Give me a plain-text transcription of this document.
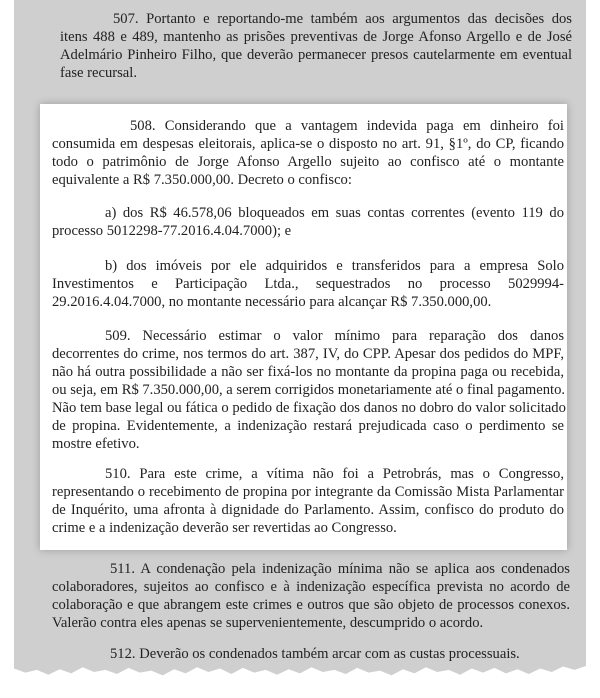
507. Portanto e reportando-me também aos argumentos das decisões dos
itens 488 e 489, mantenho as prisões preventivas de Jorge Afonso Argello e de José
Adelmário Pinheiro Filho, que deverão permanecer presos cautelarmente em eventual
fase recursal.
508. Considerando que a vantagem indevida paga em dinheiro foi
consumida em despesas eleitorais, aplica-se o disposto no art. 91, §1º, do CP, ficando
todo o patrimônio de Jorge Afonso Argello sujeito ao confisco até o montante
equivalente a R$ 7.350.000,00. Decreto o confisco:
a) dos R$ 46.578,06 bloqueados em suas contas correntes (evento 119 do
processo 5012298-77.2016.4.04.7000); e
b) dos imóveis por ele adquiridos e transferidos para a empresa Solo
Investimentos e Participação Ltda., sequestrados no processo 5029994-
29.2016.4.04.7000, no montante necessário para alcançar R$ 7.350.000,00.
509. Necessário estimar o valor mínimo para reparação dos danos
decorrentes do crime, nos termos do art. 387, IV, do CPP. Apesar dos pedidos do MPF,
não há outra possibilidade a não ser fixá-los no montante da propina paga ou recebida,
ou seja, em R$ 7.350.000,00, a serem corrigidos monetariamente até o final pagamento.
Não tem base legal ou fática o pedido de fixação dos danos no dobro do valor solicitado
de propina. Evidentemente, a indenização restará prejudicada caso o perdimento se
mostre efetivo.
510. Para este crime, a vítima não foi a Petrobrás, mas o Congresso,
representando o recebimento de propina por integrante da Comissão Mista Parlamentar
de Inquérito, uma afronta à dignidade do Parlamento. Assim, confisco do produto do
crime e a indenização deverão ser revertidas ao Congresso.
511. A condenação pela indenização mínima não se aplica aos condenados
colaboradores, sujeitos ao confisco e à indenização específica prevista no acordo de
colaboração e que abrangem este crimes e outros que são objeto de processos conexos.
Valerão contra eles apenas se supervenientemente, descumprido o acordo.
512. Deverão os condenados também arcar com as custas processuais.
